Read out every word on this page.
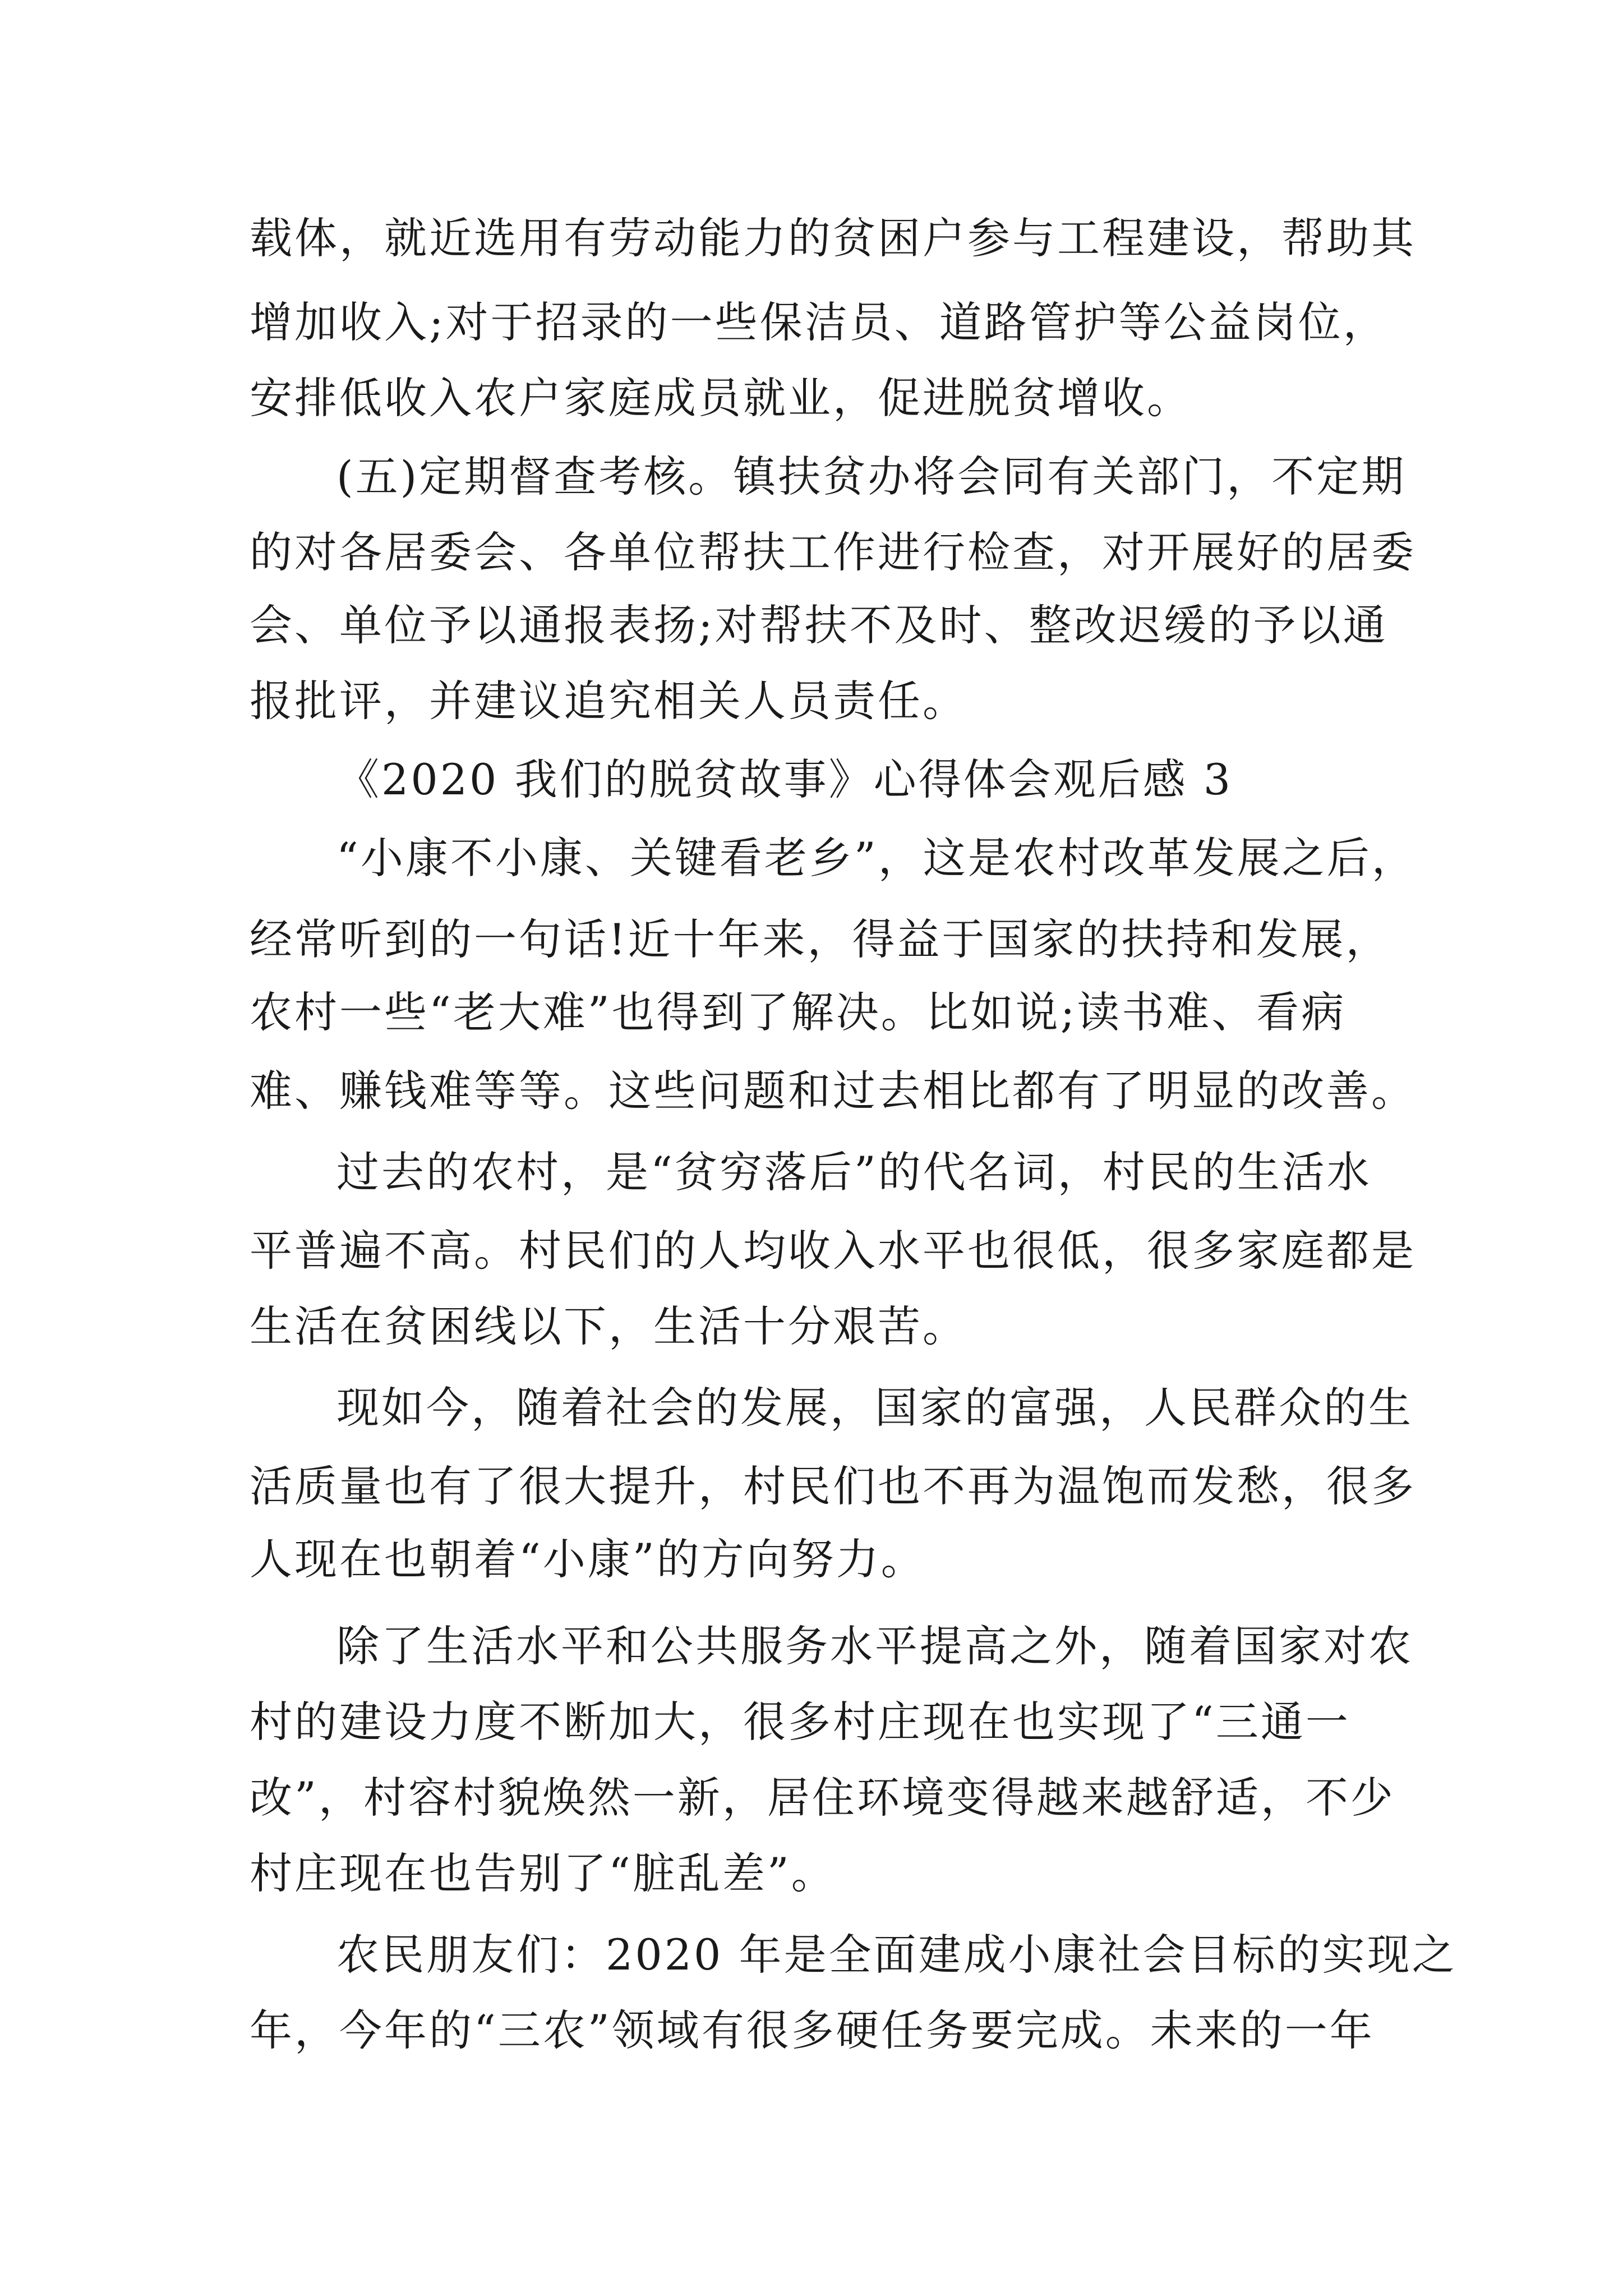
载体，就近选用有劳动能力的贫困户参与工程建设，帮助其
增加收入;对于招录的一些保洁员、道路管护等公益岗位，
安排低收入农户家庭成员就业，促进脱贫增收。
(五)定期督查考核。镇扶贫办将会同有关部门，不定期
的对各居委会、各单位帮扶工作进行检查，对开展好的居委
会、单位予以通报表扬;对帮扶不及时、整改迟缓的予以通
报批评，并建议追究相关人员责任。
《2020 我们的脱贫故事》心得体会观后感 3
“小康不小康、关键看老乡”，这是农村改革发展之后，
经常听到的一句话!近十年来，得益于国家的扶持和发展，
农村一些“老大难”也得到了解决。比如说;读书难、看病
难、赚钱难等等。这些问题和过去相比都有了明显的改善。
过去的农村，是“贫穷落后”的代名词，村民的生活水
平普遍不高。村民们的人均收入水平也很低，很多家庭都是
生活在贫困线以下，生活十分艰苦。
现如今，随着社会的发展，国家的富强，人民群众的生
活质量也有了很大提升，村民们也不再为温饱而发愁，很多
人现在也朝着“小康”的方向努力。
除了生活水平和公共服务水平提高之外，随着国家对农
村的建设力度不断加大，很多村庄现在也实现了“三通一
改”，村容村貌焕然一新，居住环境变得越来越舒适，不少
村庄现在也告别了“脏乱差”。
农民朋友们：2020 年是全面建成小康社会目标的实现之
年，今年的“三农”领域有很多硬任务要完成。未来的一年
